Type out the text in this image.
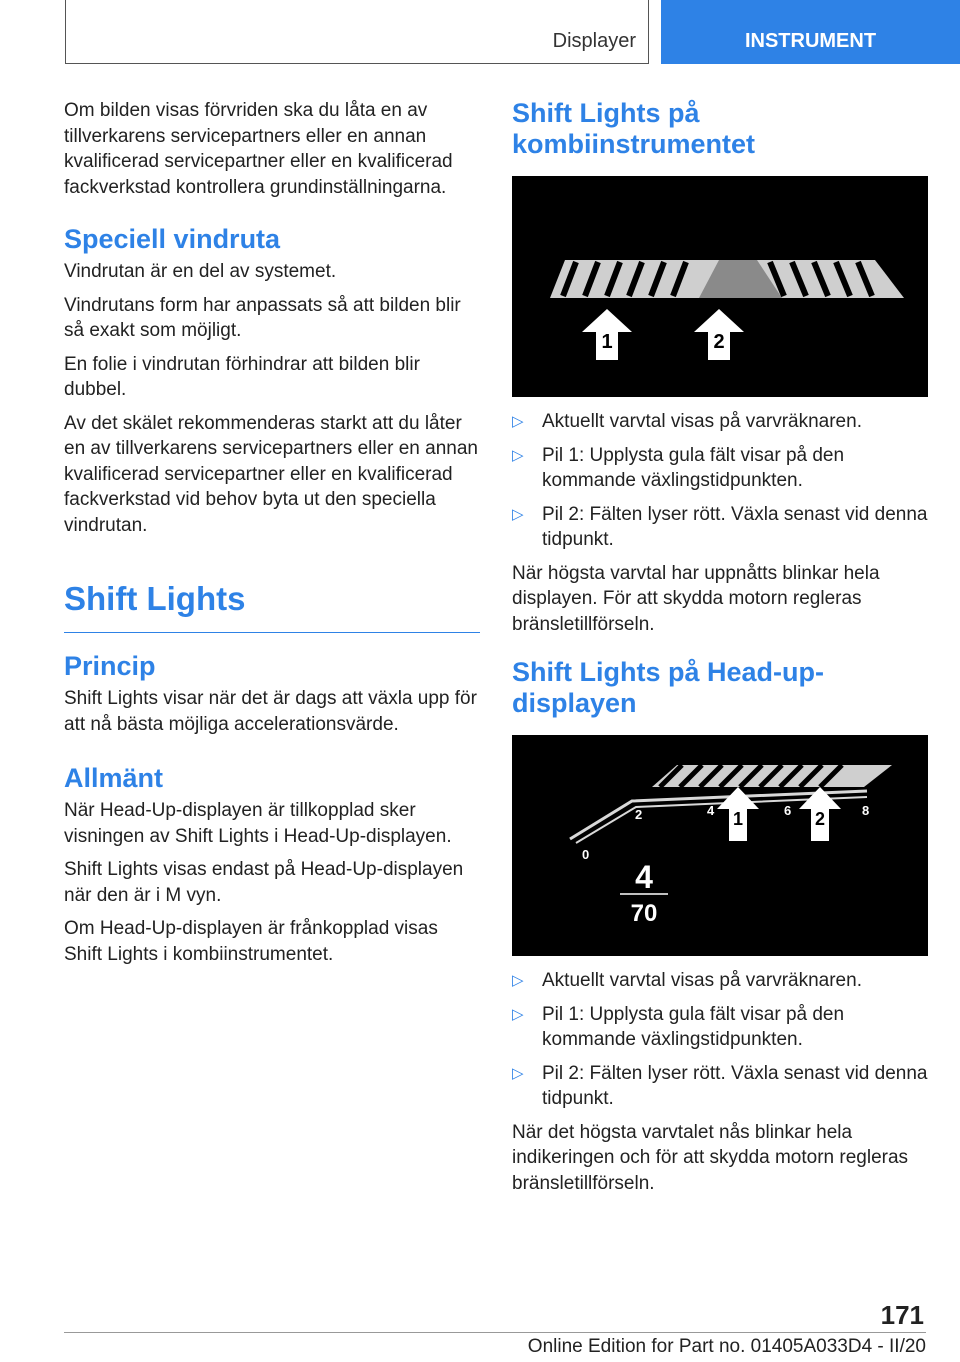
Displayer	INSTRUMENT

Om bilden visas förvriden ska du låta en av tillverkarens servicepartners eller en annan kvalificerad servicepartner eller en kvalificerad fackverkstad kontrollera grundinställningarna.

Speciell vindruta

Vindrutan är en del av systemet.

Vindrutans form har anpassats så att bilden blir så exakt som möjligt.

En folie i vindrutan förhindrar att bilden blir dubbel.

Av det skälet rekommenderas starkt att du låter en av tillverkarens servicepartners eller en annan kvalificerad servicepartner eller en kvalificerad fackverkstad vid behov byta ut den speciella vindrutan.

Shift Lights
Princip

Shift Lights visar när det är dags att växla upp för att nå bästa möjliga accelerationsvärde.

Allmänt

När Head-Up-displayen är tillkopplad sker visningen av Shift Lights i Head-Up-displayen.

Shift Lights visas endast på Head-Up-displayen när den är i M vyn.

Om Head-Up-displayen är frånkopplad visas Shift Lights i kombiinstrumentet.

Shift Lights på kombiinstrumentet
1	2
▷ Aktuellt varvtal visas på varvräknaren.
▷ Pil 1: Upplysta gula fält visar på den kommande växlingstidpunkten.
▷ Pil 2: Fälten lyser rött. Växla senast vid denna tidpunkt.

När högsta varvtal har uppnåtts blinkar hela displayen. För att skydda motorn regleras bränsletillförseln.

Shift Lights på Head-up-displayen
0
2	4	6	8
1	2
4
70
▷ Aktuellt varvtal visas på varvräknaren.
▷ Pil 1: Upplysta gula fält visar på den kommande växlingstidpunkten.
▷ Pil 2: Fälten lyser rött. Växla senast vid denna tidpunkt.

När det högsta varvtalet nås blinkar hela indikeringen och för att skydda motorn regleras bränsletillförseln.

171
Online Edition for Part no. 01405A033D4 - II/20
